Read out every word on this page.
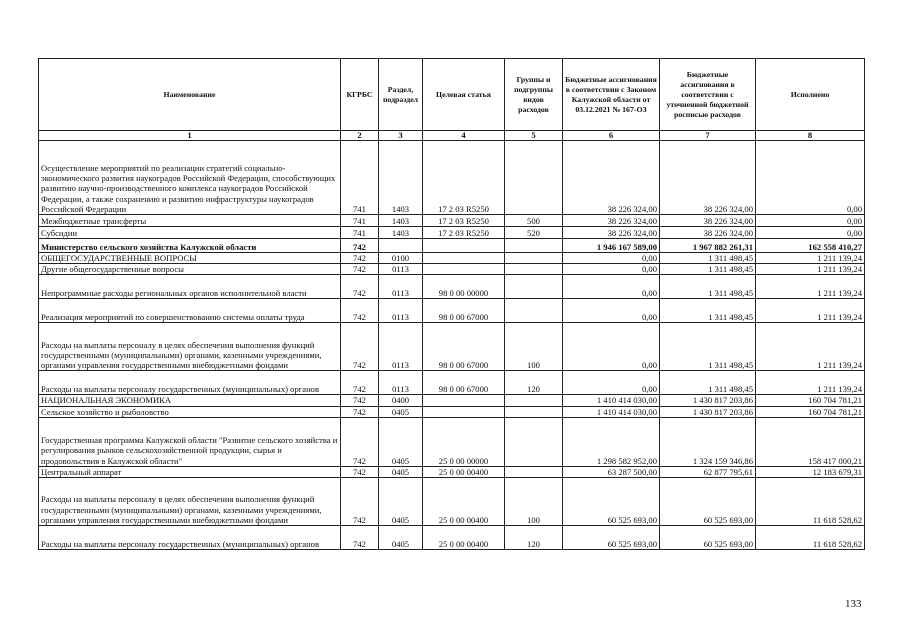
Наименование	КГРБС	Раздел, подраздел	Целевая статья	Группы и подгруппы видов расходов	Бюджетные ассигнования в соответствии с Законом Калужской области от 03.12.2021 № 167-ОЗ	Бюджетные ассигнования в соответствии с уточненной бюджетной росписью расходов	Исполнено
1	2	3	4	5	6	7	8
Осуществление мероприятий по реализации стратегий социально-экономического развития наукоградов Российской Федерации, способствующих развитию научно-производственного комплекса наукоградов Российской Федерации, а также сохранению и развитию инфраструктуры наукоградов Российской Федерации	741	1403	17 2 03 R5250		38 226 324,00	38 226 324,00	0,00
Межбюджетные трансферты	741	1403	17 2 03 R5250	500	38 226 324,00	38 226 324,00	0,00
Субсидии	741	1403	17 2 03 R5250	520	38 226 324,00	38 226 324,00	0,00
Министерство сельского хозяйства Калужской области	742				1 946 167 589,00	1 967 882 261,31	162 558 410,27
ОБЩЕГОСУДАРСТВЕННЫЕ ВОПРОСЫ	742	0100			0,00	1 311 498,45	1 211 139,24
Другие общегосударственные вопросы	742	0113			0,00	1 311 498,45	1 211 139,24
Непрограммные расходы региональных органов исполнительной власти	742	0113	98 0 00 00000		0,00	1 311 498,45	1 211 139,24
Реализация мероприятий по совершенствованию системы оплаты труда	742	0113	98 0 00 67000		0,00	1 311 498,45	1 211 139,24
Расходы на выплаты персоналу в целях обеспечения выполнения функций государственными (муниципальными) органами, казенными учреждениями, органами управления государственными внебюджетными фондами	742	0113	98 0 00 67000	100	0,00	1 311 498,45	1 211 139,24
Расходы на выплаты персоналу государственных (муниципальных) органов	742	0113	98 0 00 67000	120	0,00	1 311 498,45	1 211 139,24
НАЦИОНАЛЬНАЯ ЭКОНОМИКА	742	0400			1 410 414 030,00	1 430 817 203,86	160 704 781,21
Сельское хозяйство и рыболовство	742	0405			1 410 414 030,00	1 430 817 203,86	160 704 781,21
Государственная программа Калужской области "Развитие сельского хозяйства и регулирования рынков сельскохозяйственной продукции, сырья и продовольствия в Калужской области"	742	0405	25 0 00 00000		1 298 582 952,00	1 324 159 346,86	158 417 000,21
Центральный аппарат	742	0405	25 0 00 00400		63 287 500,00	62 877 795,61	12 183 679,31
Расходы на выплаты персоналу в целях обеспечения выполнения функций государственными (муниципальными) органами, казенными учреждениями, органами управления государственными внебюджетными фондами	742	0405	25 0 00 00400	100	60 525 693,00	60 525 693,00	11 618 528,62
Расходы на выплаты персоналу государственных (муниципальных) органов	742	0405	25 0 00 00400	120	60 525 693,00	60 525 693,00	11 618 528,62
133
